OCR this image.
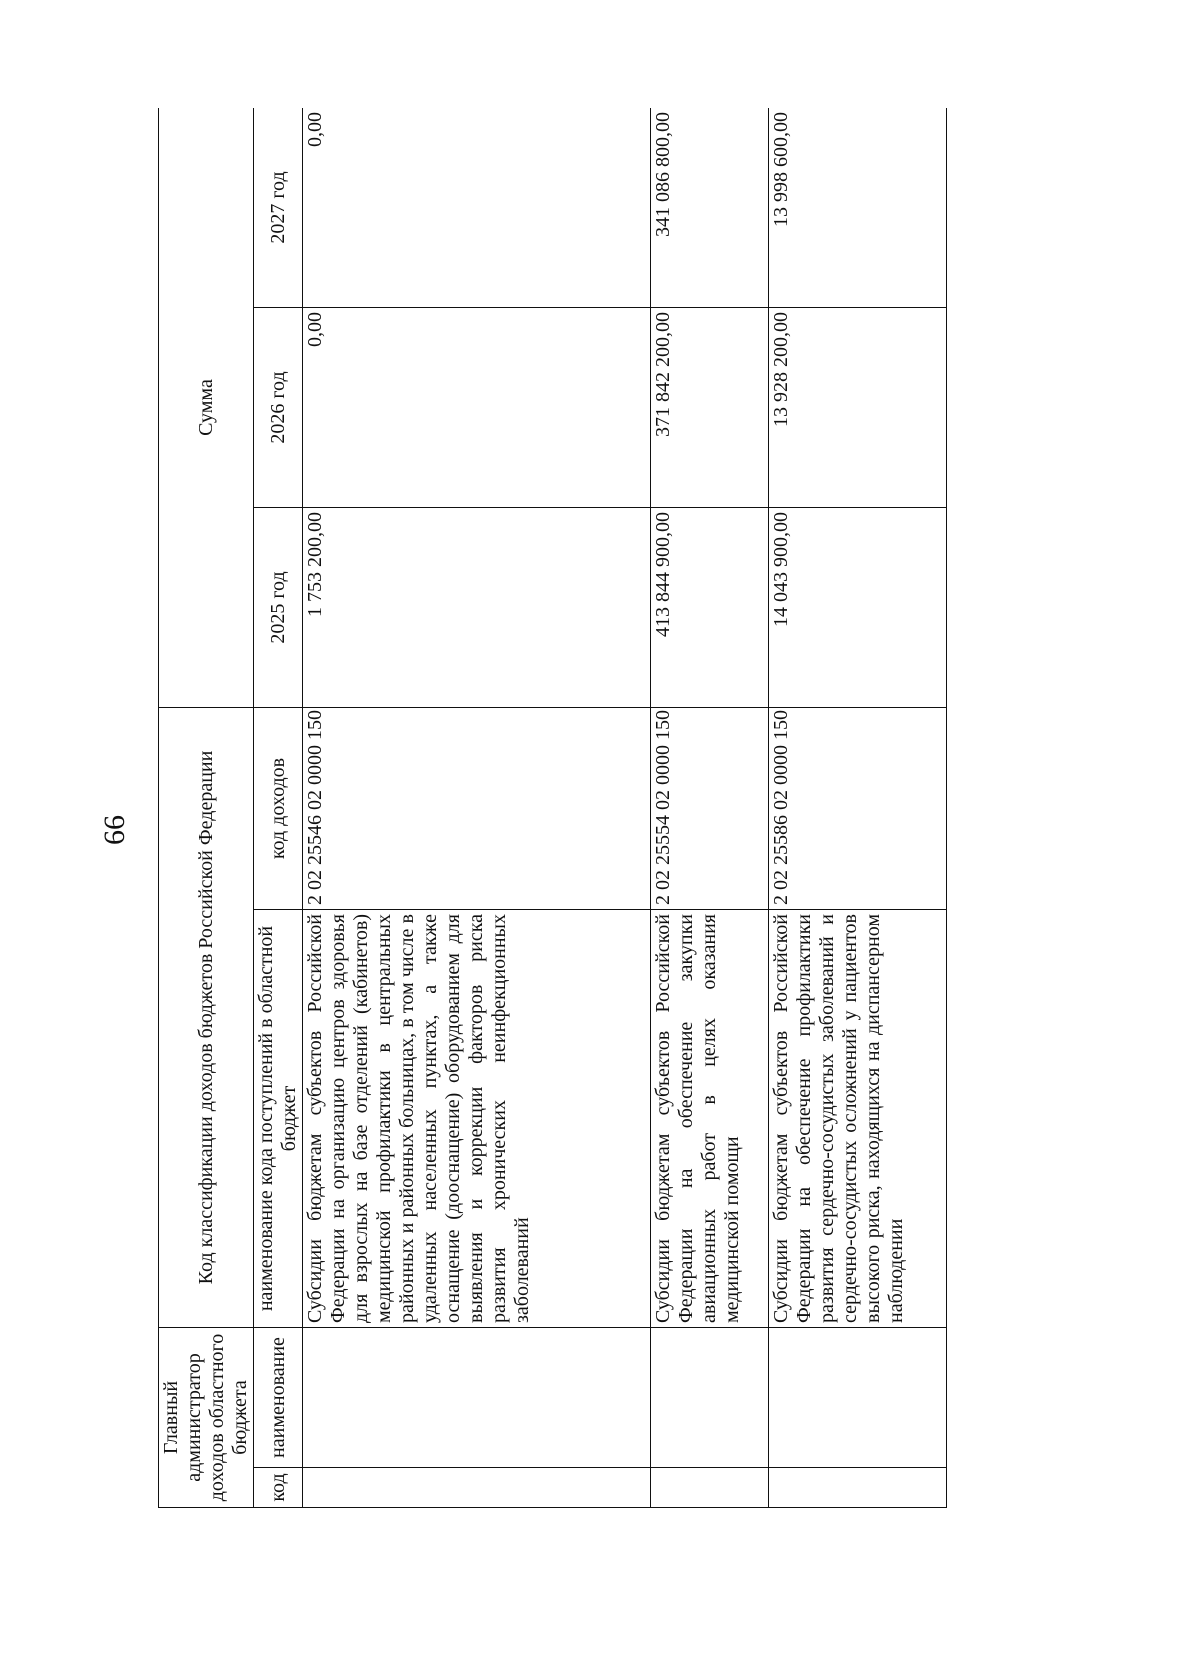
66
Главный администратор доходов областного бюджета		Код классификации доходов бюджетов Российской Федерации		Сумма		
код	наименование	наименование кода поступлений в областной бюджет	код доходов	2025 год	2026 год	2027 год
		Субсидии бюджетам субъектов Российской Федерации на организацию центров здоровья для взрослых на базе отделений (кабинетов) медицинской профилактики в центральных районных и районных больницах, в том числе в удаленных населенных пунктах, а также оснащение (дооснащение) оборудованием для выявления и коррекции факторов риска развития хронических неинфекционных заболеваний	2 02 25546 02 0000 150	1 753 200,00	0,00	0,00
		Субсидии бюджетам субъектов Российской Федерации на обеспечение закупки авиационных работ в целях оказания медицинской помощи	2 02 25554 02 0000 150	413 844 900,00	371 842 200,00	341 086 800,00
		Субсидии бюджетам субъектов Российской Федерации на обеспечение профилактики развития сердечно-сосудистых заболеваний и сердечно-сосудистых осложнений у пациентов высокого риска, находящихся на диспансерном наблюдении	2 02 25586 02 0000 150	14 043 900,00	13 928 200,00	13 998 600,00
